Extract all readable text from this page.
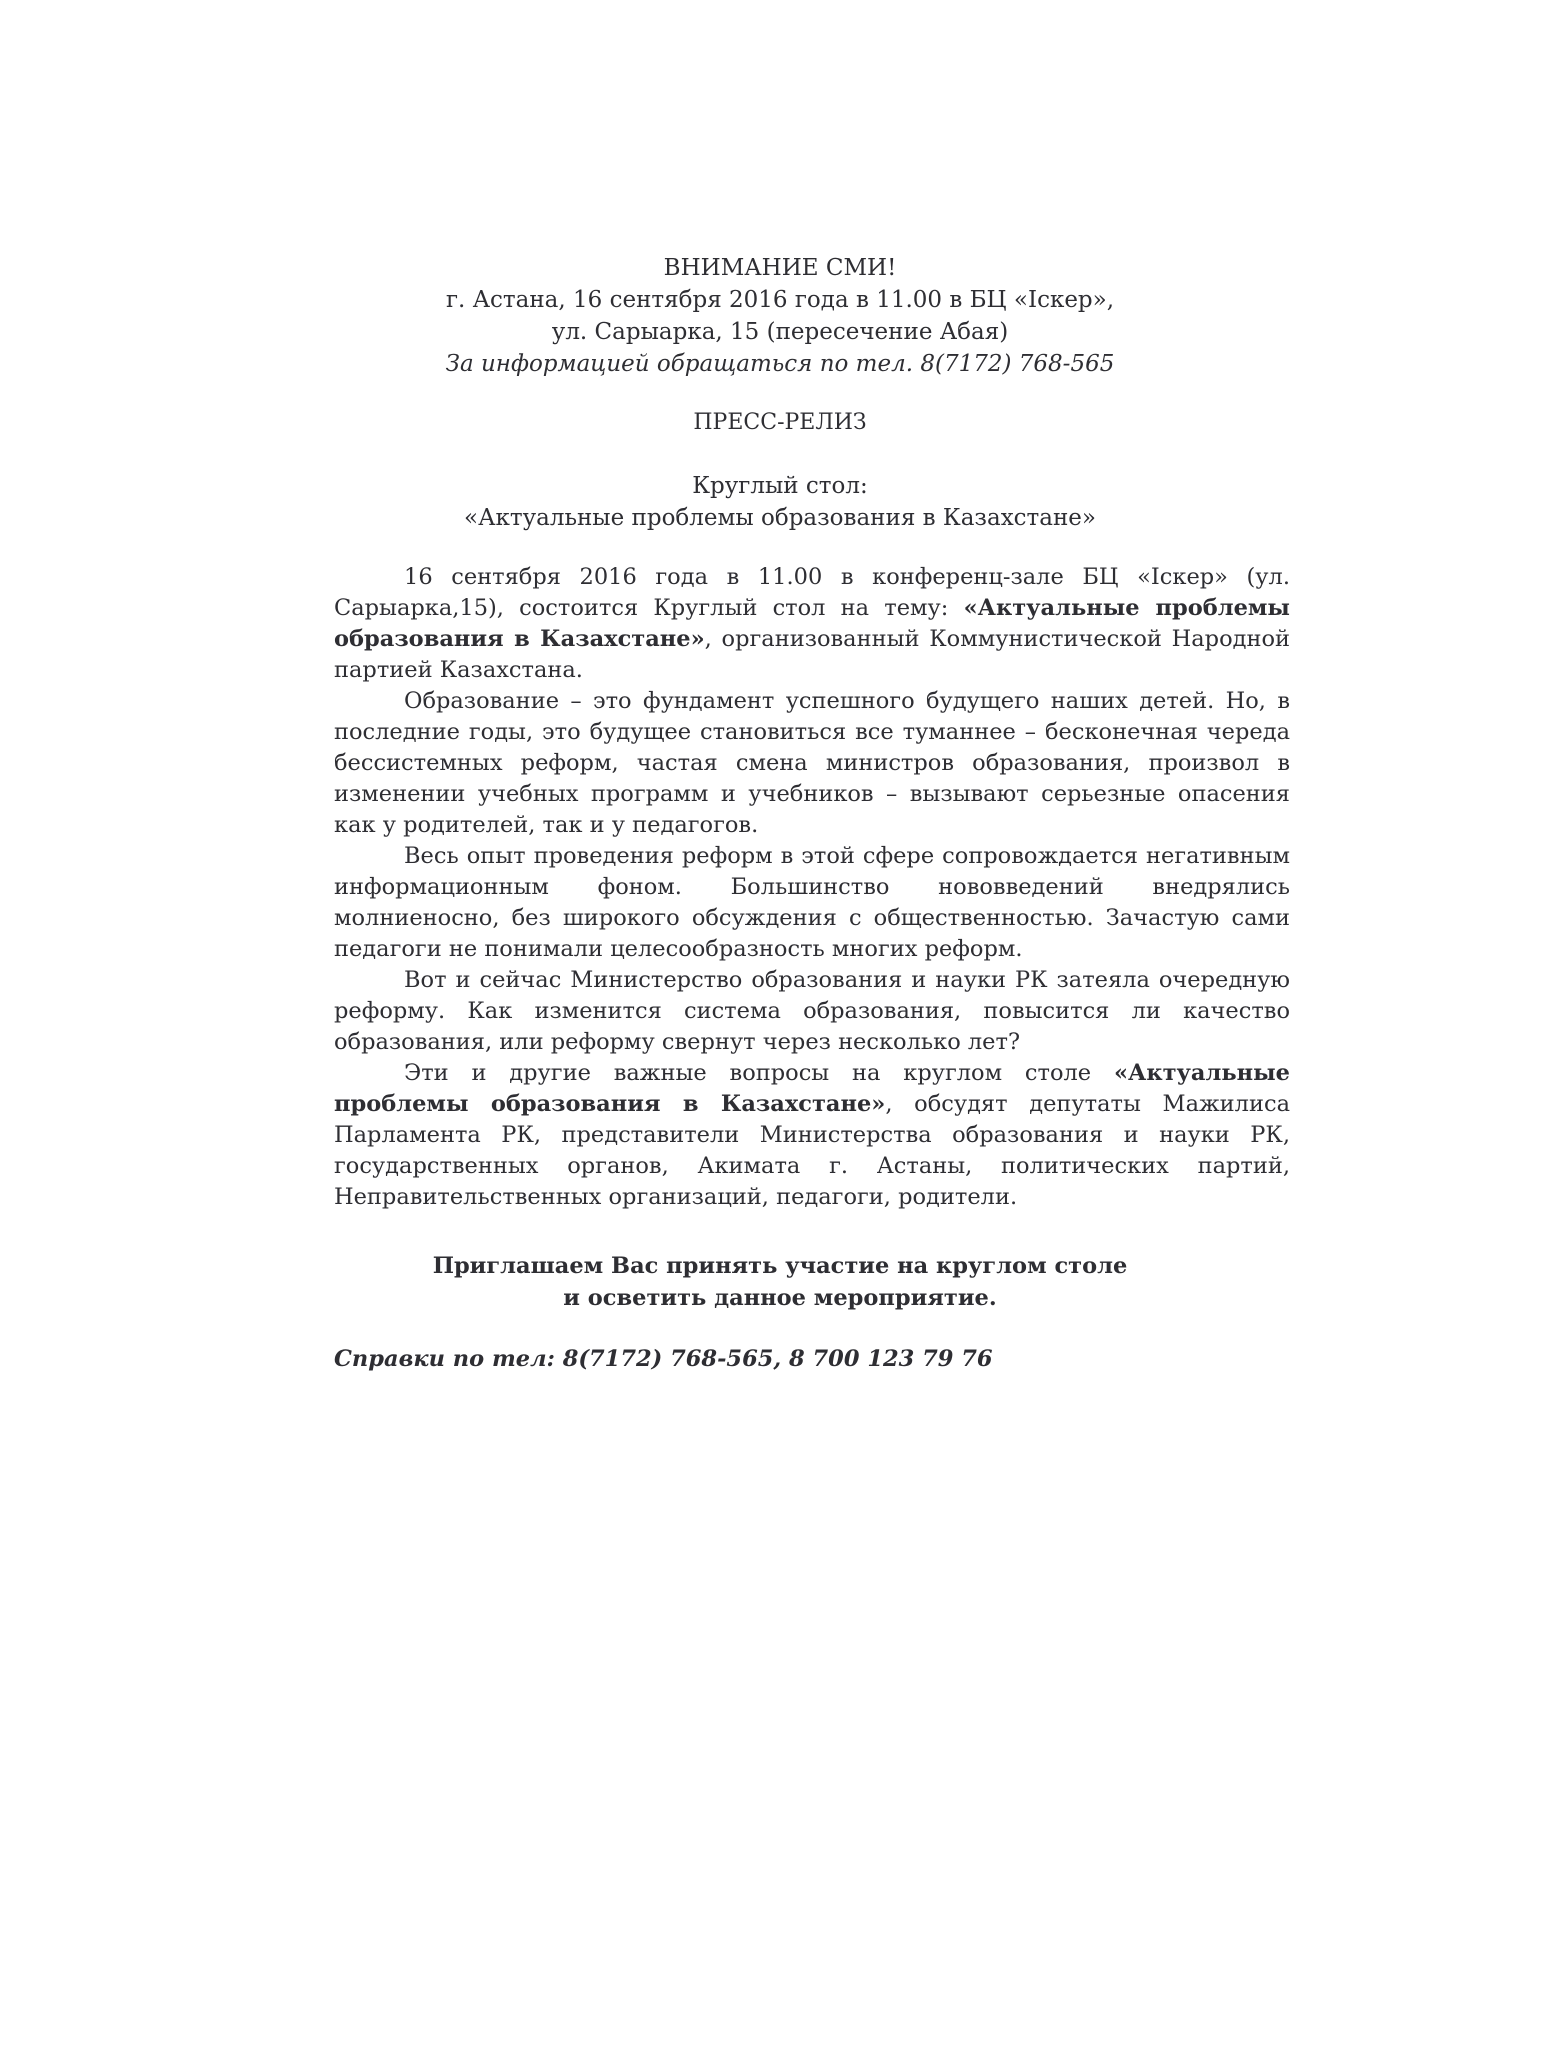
ВНИМАНИЕ СМИ!
г. Астана, 16 сентября 2016 года в 11.00 в БЦ «Іскер»,
ул. Сарыарка, 15 (пересечение Абая)
За информацией обращаться по тел. 8(7172) 768-565
ПРЕСС-РЕЛИЗ
Круглый стол:
«Актуальные проблемы образования в Казахстане»

16 сентября 2016 года в 11.00 в конференц-зале БЦ «Іскер» (ул. Сарыарка,15), состоится Круглый стол на тему: «Актуальные проблемы образования в Казахстане», организованный Коммунистической Народной партией Казахстана.

Образование – это фундамент успешного будущего наших детей. Но, в последние годы, это будущее становиться все туманнее – бесконечная череда бессистемных реформ, частая смена министров образования, произвол в изменении учебных программ и учебников – вызывают серьезные опасения как у родителей, так и у педагогов.

Весь опыт проведения реформ в этой сфере сопровождается негативным информационным фоном. Большинство нововведений внедрялись молниеносно, без широкого обсуждения с общественностью. Зачастую сами педагоги не понимали целесообразность многих реформ.

Вот и сейчас Министерство образования и науки РК затеяла очередную реформу. Как изменится система образования, повысится ли качество образования, или реформу свернут через несколько лет?

Эти и другие важные вопросы на круглом столе «Актуальные проблемы образования в Казахстане», обсудят депутаты Мажилиса Парламента РК, представители Министерства образования и науки РК, государственных органов, Акимата г. Астаны, политических партий, Неправительственных организаций, педагоги, родители.

Приглашаем Вас принять участие на круглом столе
и осветить данное мероприятие.
Справки по тел: 8(7172) 768-565, 8 700 123 79 76
